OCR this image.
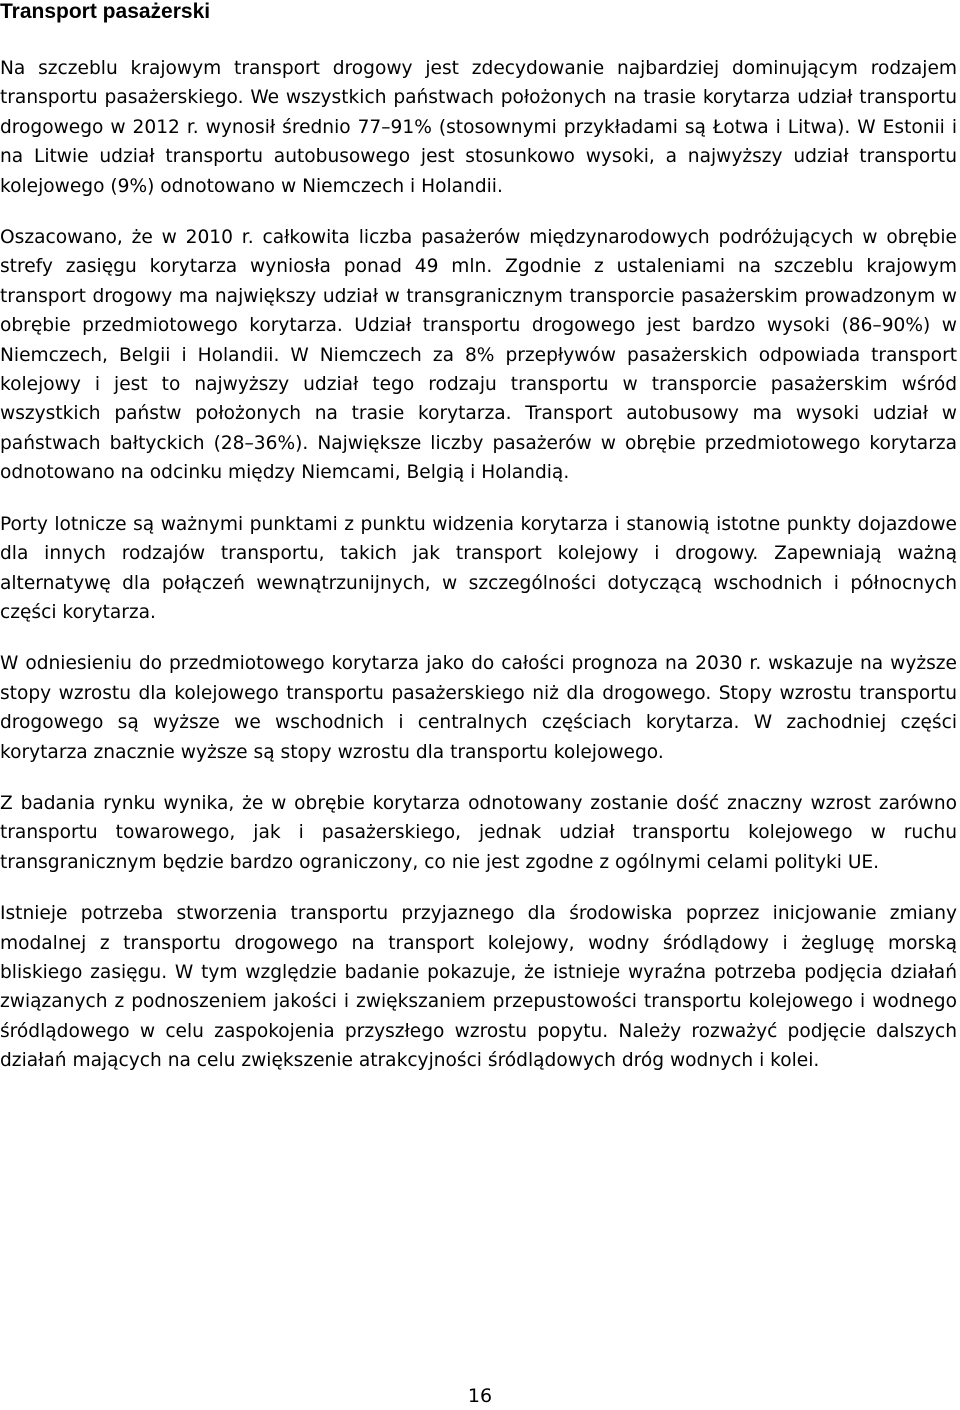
Transport pasażerski

Na szczeblu krajowym transport drogowy jest zdecydowanie najbardziej dominującym rodzajem transportu pasażerskiego. We wszystkich państwach położonych na trasie korytarza udział transportu drogowego w 2012 r. wynosił średnio 77–91% (stosownymi przykładami są Łotwa i Litwa). W Estonii i na Litwie udział transportu autobusowego jest stosunkowo wysoki, a najwyższy udział transportu kolejowego (9%) odnotowano w Niemczech i Holandii.

Oszacowano, że w 2010 r. całkowita liczba pasażerów międzynarodowych podróżujących w obrębie strefy zasięgu korytarza wyniosła ponad 49 mln. Zgodnie z ustaleniami na szczeblu krajowym transport drogowy ma największy udział w transgranicznym transporcie pasażerskim prowadzonym w obrębie przedmiotowego korytarza. Udział transportu drogowego jest bardzo wysoki (86–90%) w Niemczech, Belgii i Holandii. W Niemczech za 8% przepływów pasażerskich odpowiada transport kolejowy i jest to najwyższy udział tego rodzaju transportu w transporcie pasażerskim wśród wszystkich państw położonych na trasie korytarza. Transport autobusowy ma wysoki udział w państwach bałtyckich (28–36%). Największe liczby pasażerów w obrębie przedmiotowego korytarza odnotowano na odcinku między Niemcami, Belgią i Holandią.

Porty lotnicze są ważnymi punktami z punktu widzenia korytarza i stanowią istotne punkty dojazdowe dla innych rodzajów transportu, takich jak transport kolejowy i drogowy. Zapewniają ważną alternatywę dla połączeń wewnątrzunijnych, w szczególności dotyczącą wschodnich i północnych części korytarza.

W odniesieniu do przedmiotowego korytarza jako do całości prognoza na 2030 r. wskazuje na wyższe stopy wzrostu dla kolejowego transportu pasażerskiego niż dla drogowego. Stopy wzrostu transportu drogowego są wyższe we wschodnich i centralnych częściach korytarza. W zachodniej części korytarza znacznie wyższe są stopy wzrostu dla transportu kolejowego.

Z badania rynku wynika, że w obrębie korytarza odnotowany zostanie dość znaczny wzrost zarówno transportu towarowego, jak i pasażerskiego, jednak udział transportu kolejowego w ruchu transgranicznym będzie bardzo ograniczony, co nie jest zgodne z ogólnymi celami polityki UE.

Istnieje potrzeba stworzenia transportu przyjaznego dla środowiska poprzez inicjowanie zmiany modalnej z transportu drogowego na transport kolejowy, wodny śródlądowy i żeglugę morską bliskiego zasięgu. W tym względzie badanie pokazuje, że istnieje wyraźna potrzeba podjęcia działań związanych z podnoszeniem jakości i zwiększaniem przepustowości transportu kolejowego i wodnego śródlądowego w celu zaspokojenia przyszłego wzrostu popytu. Należy rozważyć podjęcie dalszych działań mających na celu zwiększenie atrakcyjności śródlądowych dróg wodnych i kolei.

16
